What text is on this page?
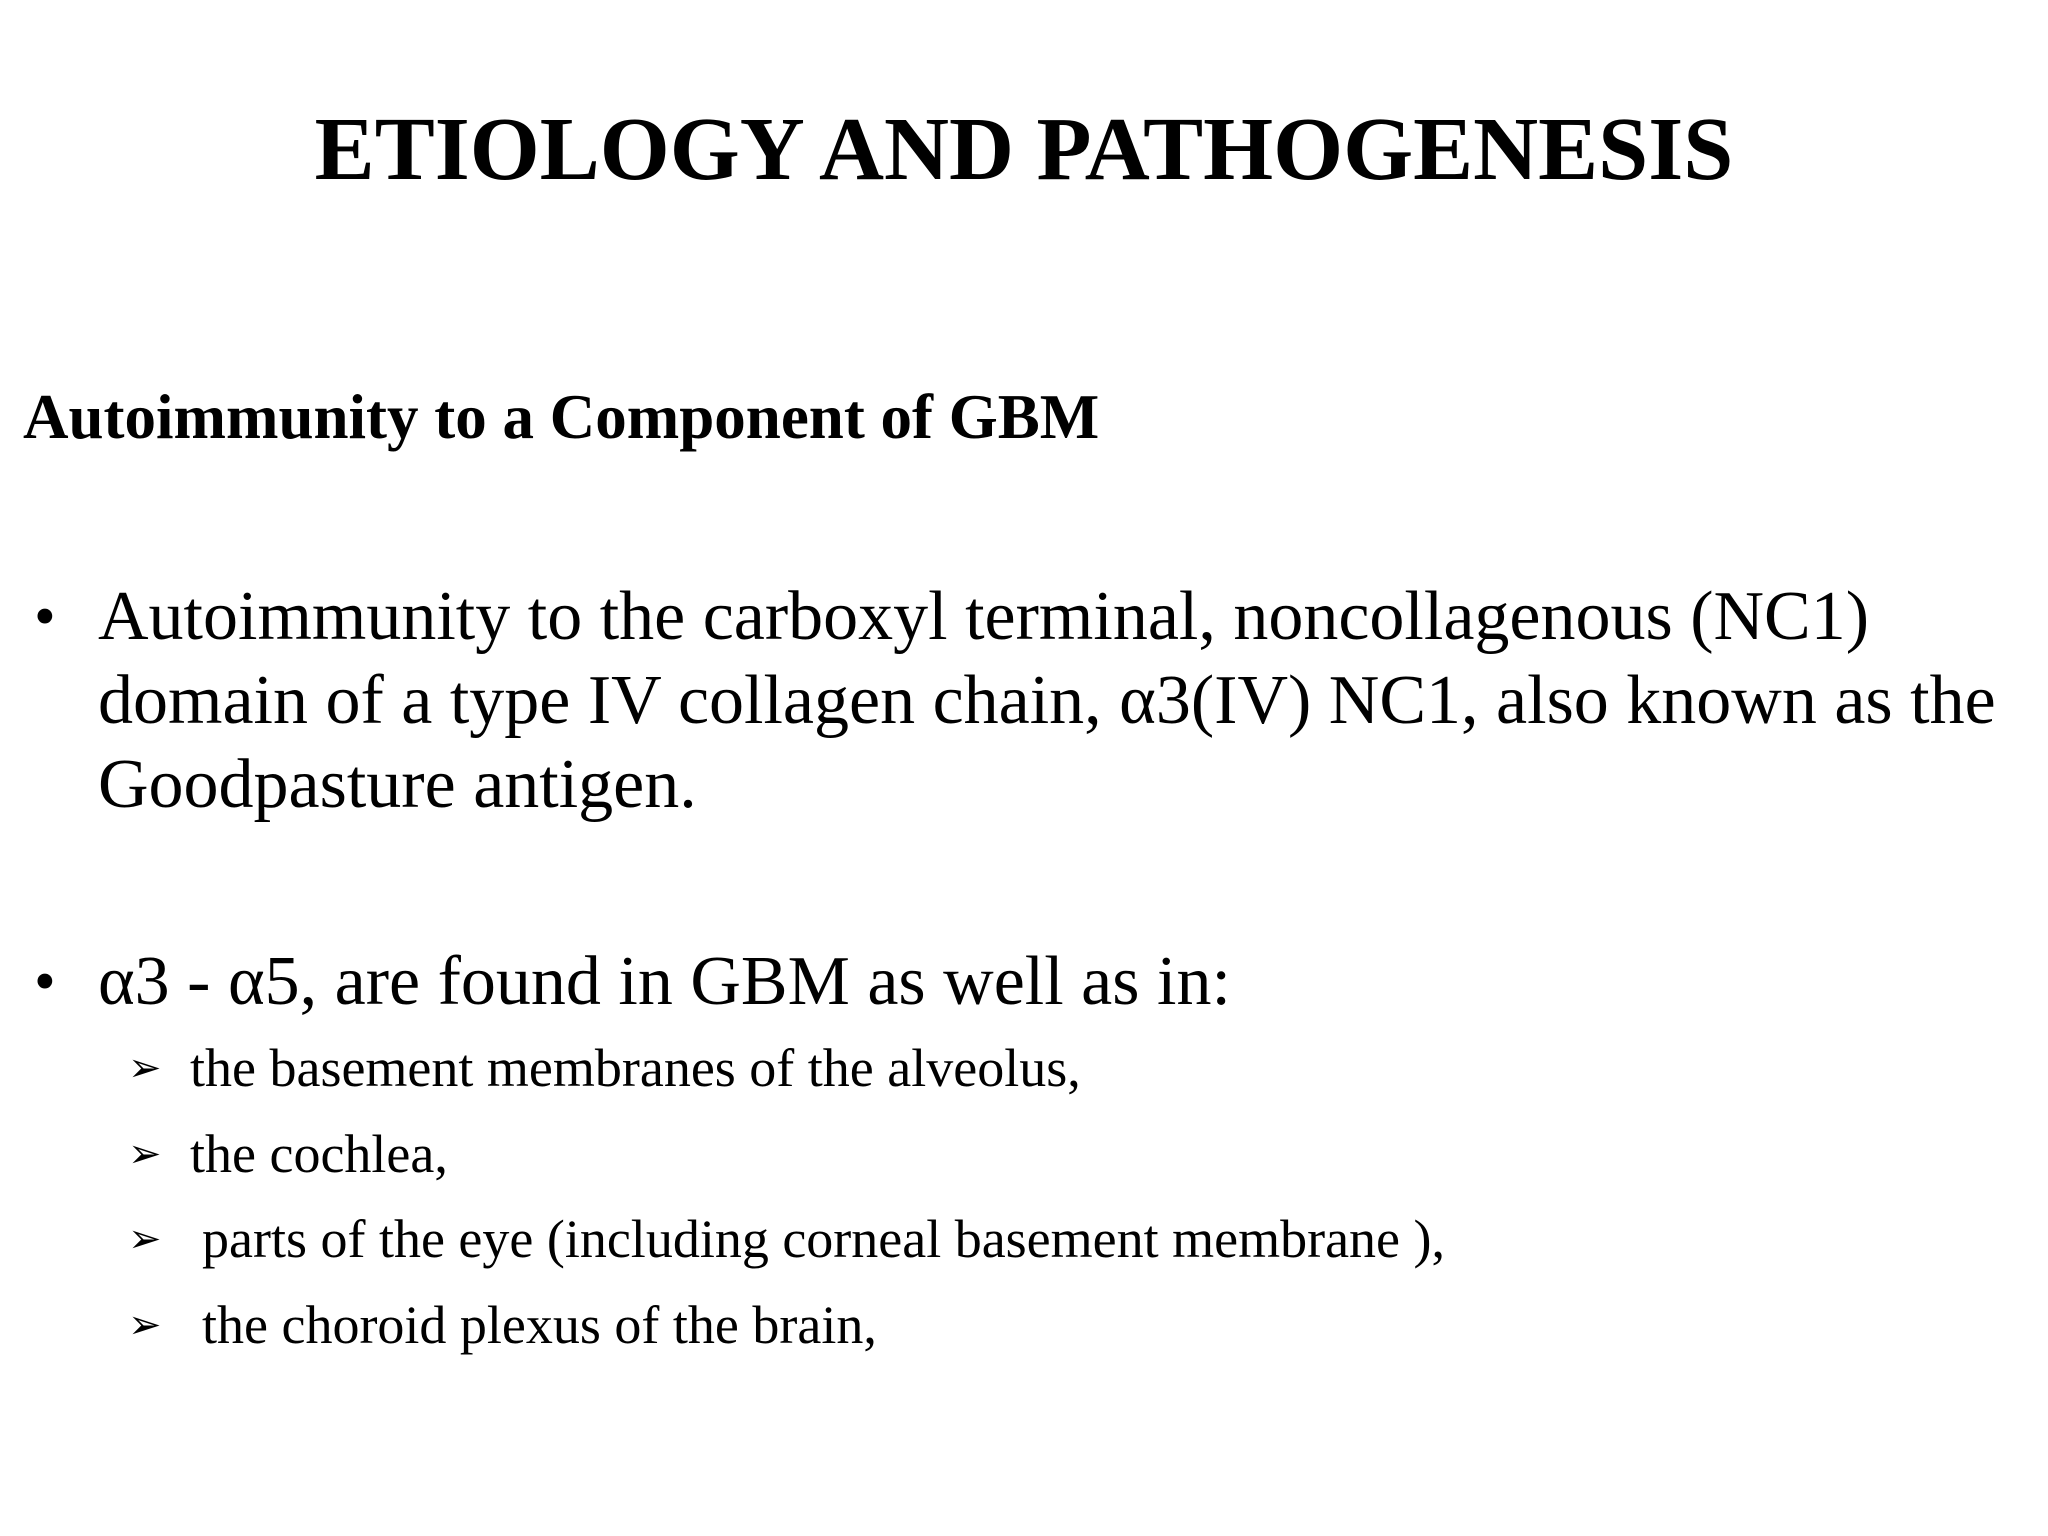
ETIOLOGY AND PATHOGENESIS
Autoimmunity to a Component of GBM
• Autoimmunity to the carboxyl terminal, noncollagenous (NC1)
domain of a type IV collagen chain, α3(IV) NC1, also known as the
Goodpasture antigen.
• α3 - α5, are found in GBM as well as in:
➢ the basement membranes of the alveolus,
➢ the cochlea,
➢ parts of the eye (including corneal basement membrane ),
➢ the choroid plexus of the brain,
